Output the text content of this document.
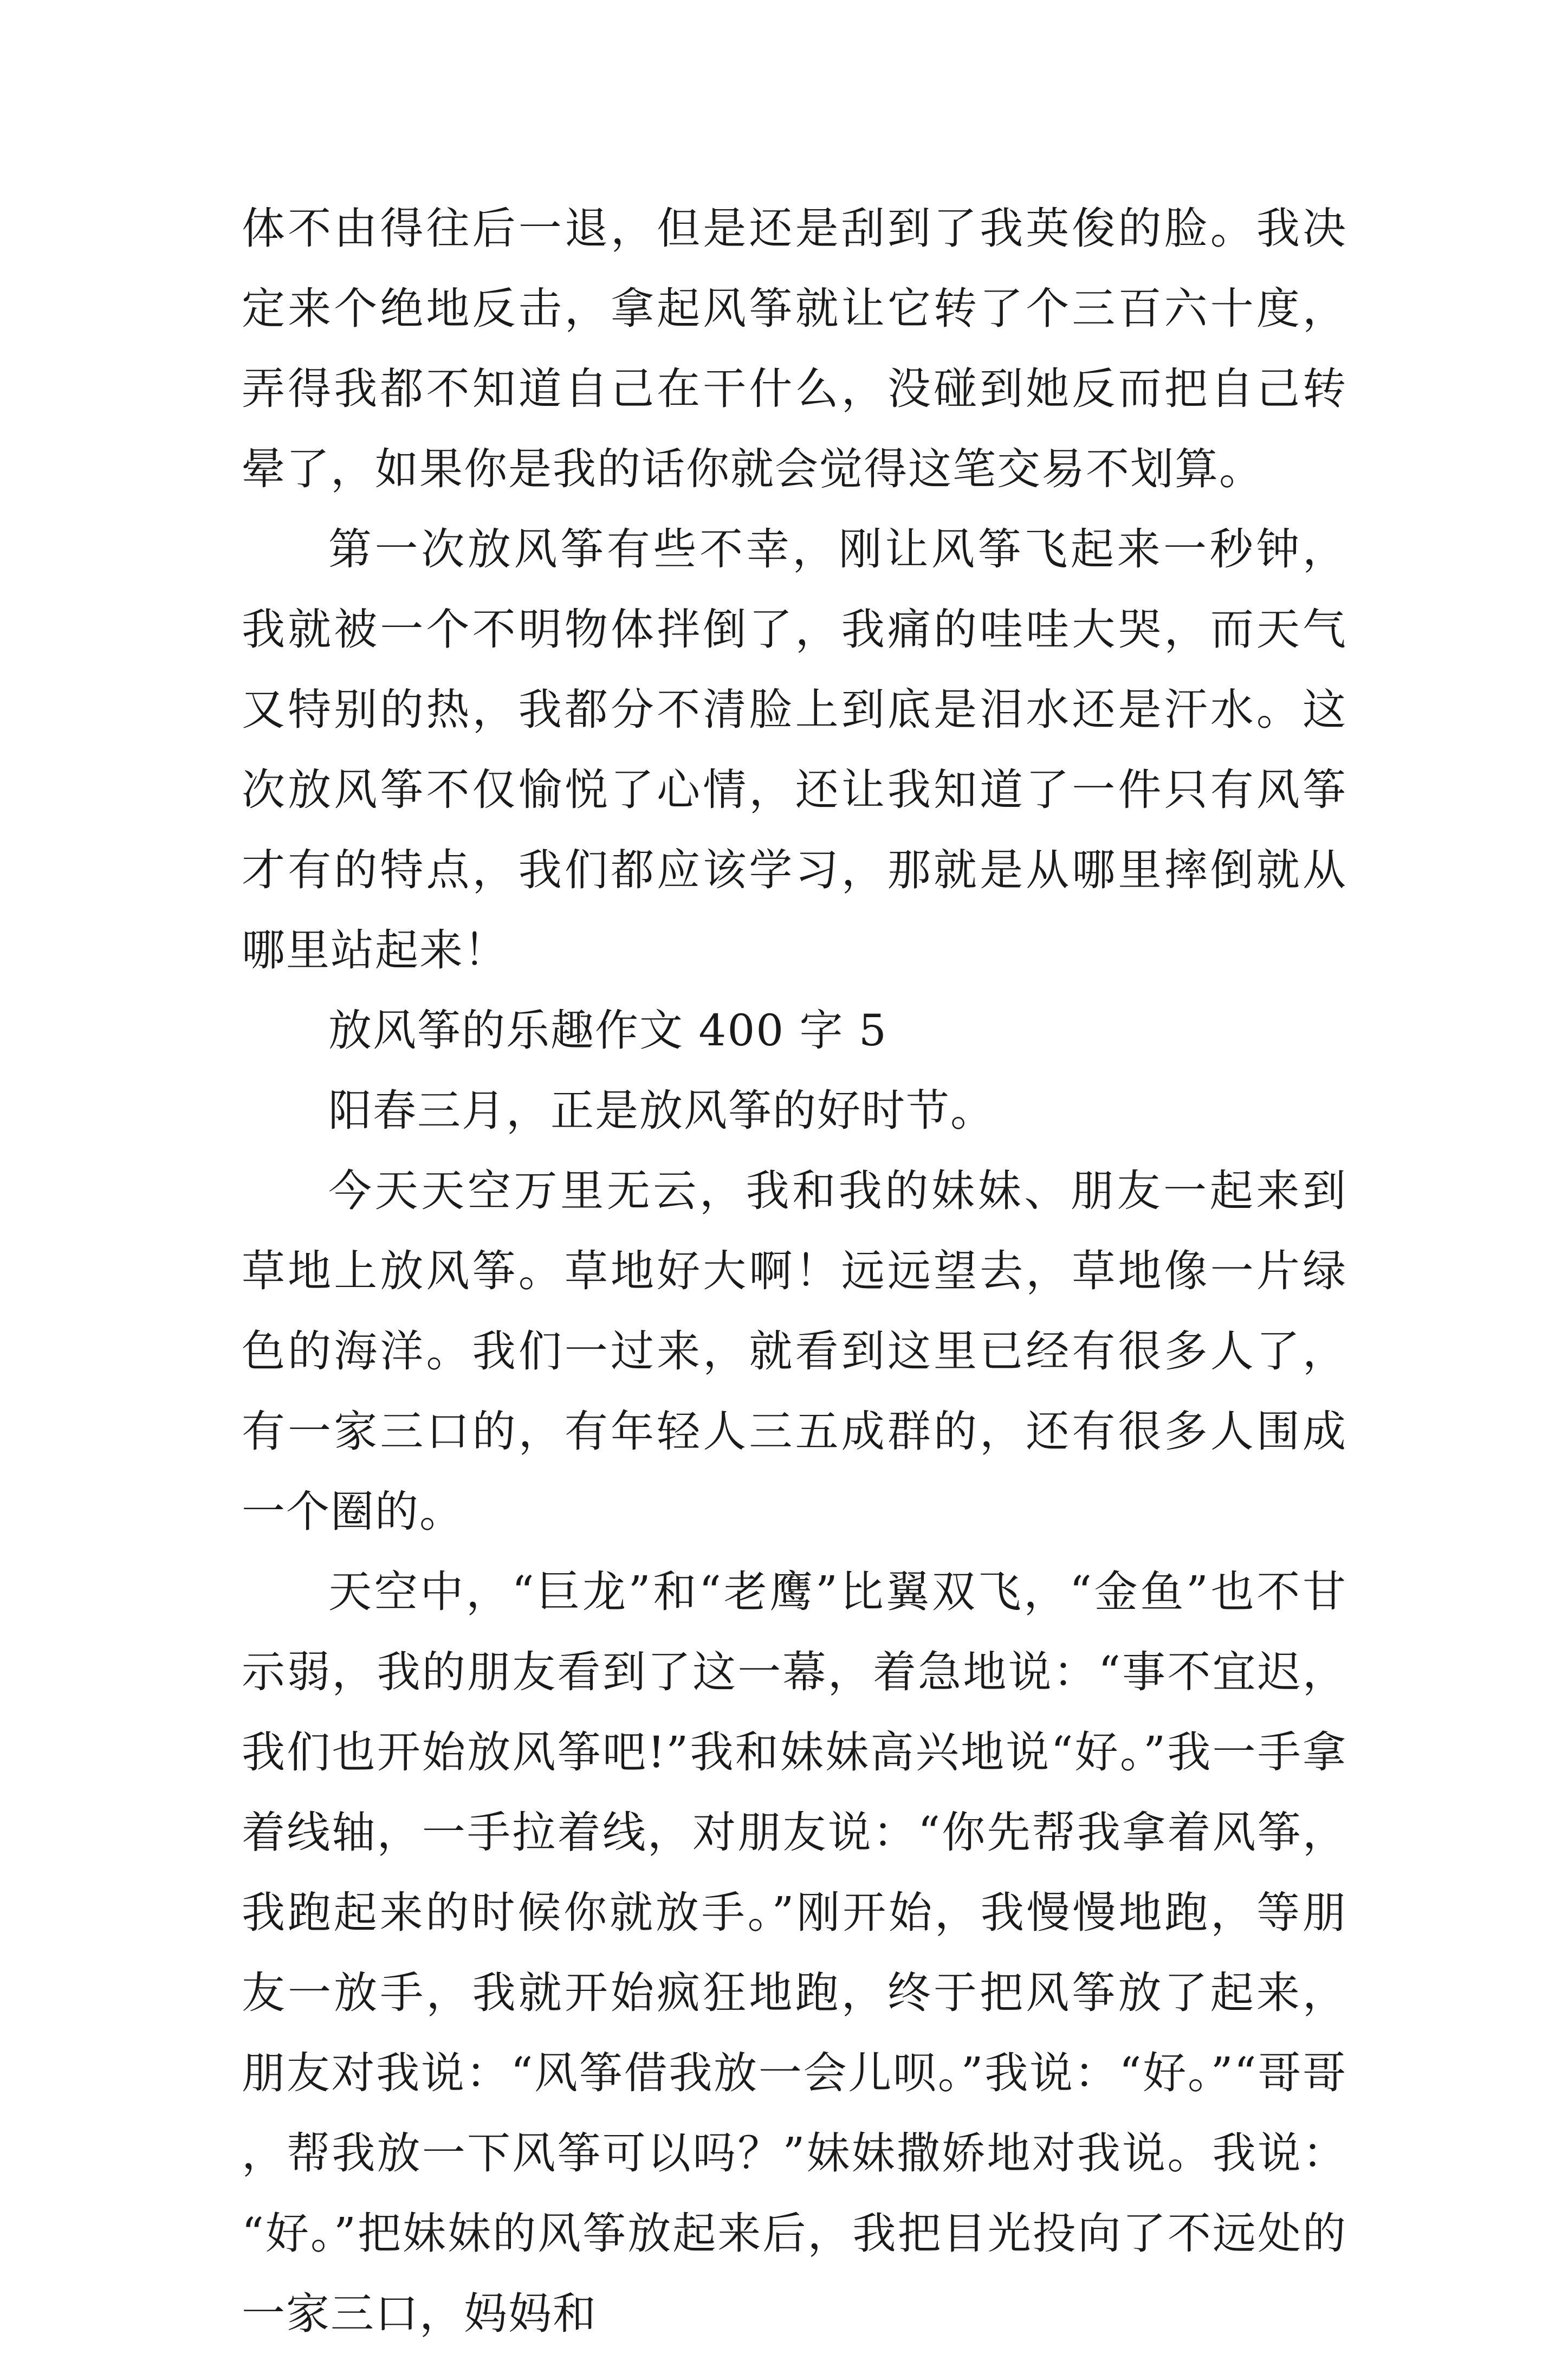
体不由得往后一退，但是还是刮到了我英俊的脸。我决定来个绝地反击，拿起风筝就让它转了个三百六十度，弄得我都不知道自己在干什么，没碰到她反而把自己转晕了，如果你是我的话你就会觉得这笔交易不划算。

第一次放风筝有些不幸，刚让风筝飞起来一秒钟，我就被一个不明物体拌倒了，我痛的哇哇大哭，而天气又特别的热，我都分不清脸上到底是泪水还是汗水。这次放风筝不仅愉悦了心情，还让我知道了一件只有风筝才有的特点，我们都应该学习，那就是从哪里摔倒就从哪里站起来！

放风筝的乐趣作文 400 字 5

阳春三月，正是放风筝的好时节。

今天天空万里无云，我和我的妹妹、朋友一起来到草地上放风筝。草地好大啊！远远望去，草地像一片绿色的海洋。我们一过来，就看到这里已经有很多人了，有一家三口的，有年轻人三五成群的，还有很多人围成一个圈的。

天空中，“巨龙”和“老鹰”比翼双飞，“金鱼”也不甘示弱，我的朋友看到了这一幕，着急地说：“事不宜迟，我们也开始放风筝吧!”我和妹妹高兴地说“好。”我一手拿着线轴，一手拉着线，对朋友说：“你先帮我拿着风筝，我跑起来的时候你就放手。”刚开始，我慢慢地跑，等朋友一放手，我就开始疯狂地跑，终于把风筝放了起来，朋友对我说：“风筝借我放一会儿呗。”我说：“好。”“哥哥，帮我放一下风筝可以吗？”妹妹撒娇地对我说。我说：“好。”把妹妹的风筝放起来后，我把目光投向了不远处的一家三口，妈妈和
